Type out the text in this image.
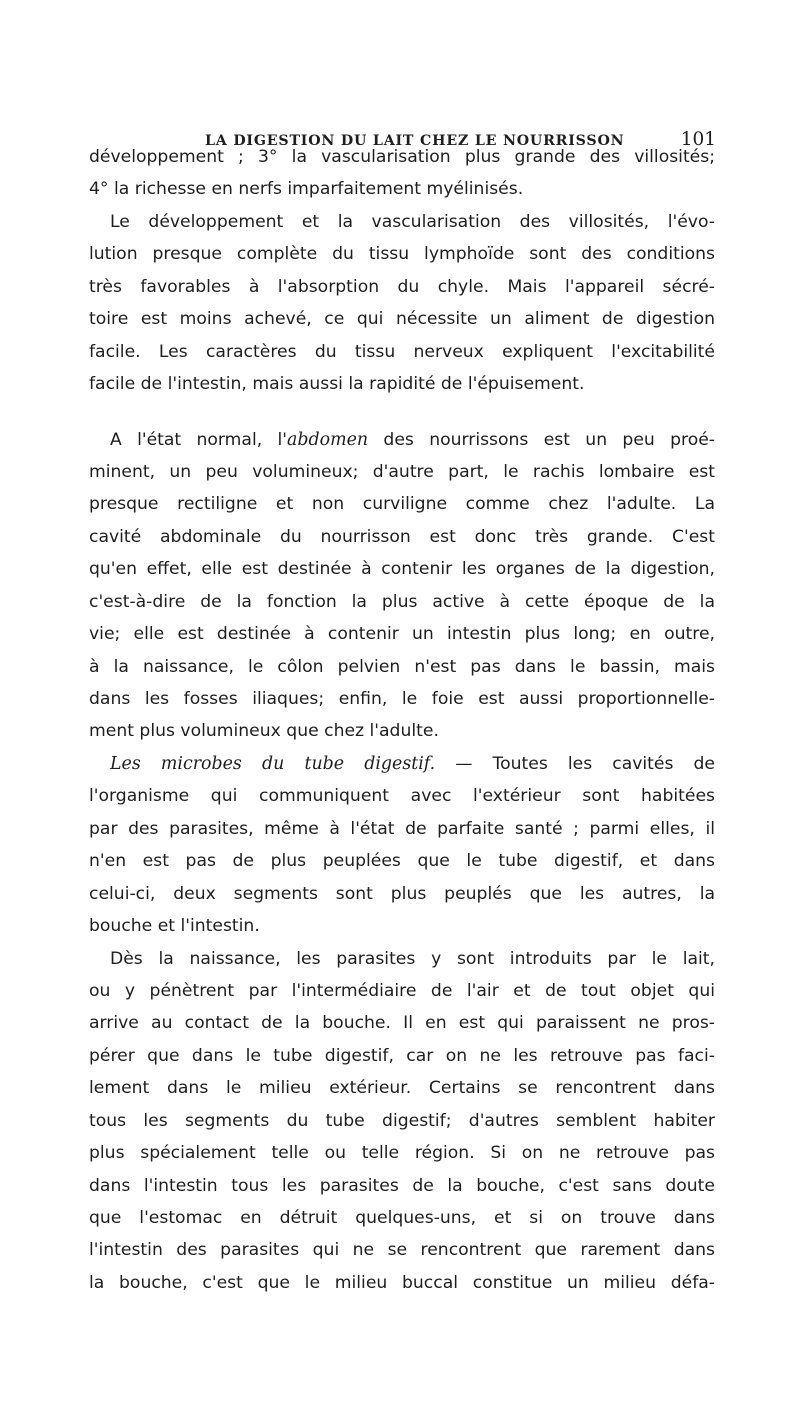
LA DIGESTION DU LAIT CHEZ LE NOURRISSON	101
développement ; 3° la vascularisation plus grande des villosités;
4° la richesse en nerfs imparfaitement myélinisés.
Le développement et la vascularisation des villosités, l'évo-
lution presque complète du tissu lymphoïde sont des conditions
très favorables à l'absorption du chyle. Mais l'appareil sécré-
toire est moins achevé, ce qui nécessite un aliment de digestion
facile. Les caractères du tissu nerveux expliquent l'excitabilité
facile de l'intestin, mais aussi la rapidité de l'épuisement.
A l'état normal, l'abdomen des nourrissons est un peu proé-
minent, un peu volumineux; d'autre part, le rachis lombaire est
presque rectiligne et non curviligne comme chez l'adulte. La
cavité abdominale du nourrisson est donc très grande. C'est
qu'en effet, elle est destinée à contenir les organes de la digestion,
c'est-à-dire de la fonction la plus active à cette époque de la
vie; elle est destinée à contenir un intestin plus long; en outre,
à la naissance, le côlon pelvien n'est pas dans le bassin, mais
dans les fosses iliaques; enfin, le foie est aussi proportionnelle-
ment plus volumineux que chez l'adulte.
Les microbes du tube digestif. — Toutes les cavités de
l'organisme qui communiquent avec l'extérieur sont habitées
par des parasites, même à l'état de parfaite santé ; parmi elles, il
n'en est pas de plus peuplées que le tube digestif, et dans
celui-ci, deux segments sont plus peuplés que les autres, la
bouche et l'intestin.
Dès la naissance, les parasites y sont introduits par le lait,
ou y pénètrent par l'intermédiaire de l'air et de tout objet qui
arrive au contact de la bouche. Il en est qui paraissent ne pros-
pérer que dans le tube digestif, car on ne les retrouve pas faci-
lement dans le milieu extérieur. Certains se rencontrent dans
tous les segments du tube digestif; d'autres semblent habiter
plus spécialement telle ou telle région. Si on ne retrouve pas
dans l'intestin tous les parasites de la bouche, c'est sans doute
que l'estomac en détruit quelques-uns, et si on trouve dans
l'intestin des parasites qui ne se rencontrent que rarement dans
la bouche, c'est que le milieu buccal constitue un milieu défa-
